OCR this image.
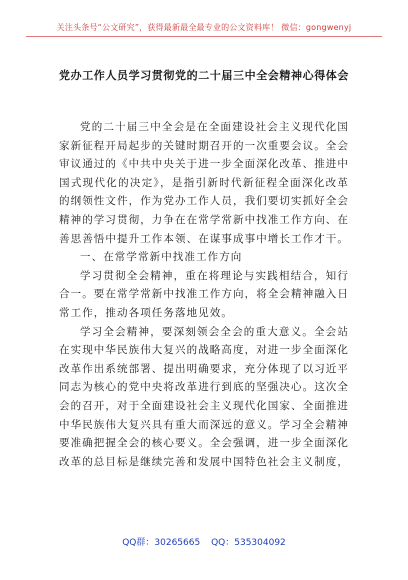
关注头条号“公文研究”，获得最新最全最专业的公文资料库！ 微信：gongwenyj
党办工作人员学习贯彻党的二十届三中全会精神心得体会

党的二十届三中全会是在全面建设社会主义现代化国家新征程开局起步的关键时期召开的一次重要会议。全会审议通过的《中共中央关于进一步全面深化改革、推进中国式现代化的决定》，是指引新时代新征程全面深化改革的纲领性文件，作为党办工作人员，我们要切实抓好全会精神的学习贯彻，力争在在常学常新中找准工作方向、在善思善悟中提升工作本领、在谋事成事中增长工作才干。

一、在常学常新中找准工作方向

学习贯彻全会精神，重在将理论与实践相结合，知行合一。要在常学常新中找准工作方向，将全会精神融入日常工作，推动各项任务落地见效。

学习全会精神，要深刻领会全会的重大意义。全会站在实现中华民族伟大复兴的战略高度，对进一步全面深化改革作出系统部署、提出明确要求，充分体现了以习近平同志为核心的党中央将改革进行到底的坚强决心。这次全会的召开，对于全面建设社会主义现代化国家、全面推进中华民族伟大复兴具有重大而深远的意义。学习全会精神要准确把握全会的核心要义。全会强调，进一步全面深化改革的总目标是继续完善和发展中国特色社会主义制度，

QQ群：30265665 QQ：535304092
